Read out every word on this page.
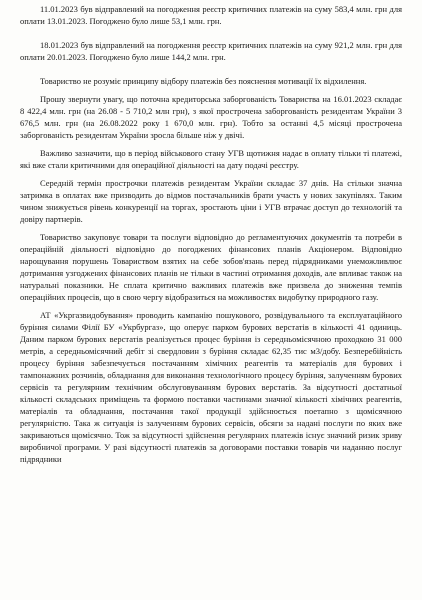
11.01.2023 був відправлений на погодження реєстр критичних платежів на суму 583,4 млн. грн для оплати 13.01.2023. Погоджено було лише 53,1 млн. грн.

18.01.2023 був відправлений на погодження реєстр критичних платежів на суму 921,2 млн. грн для оплати 20.01.2023. Погоджено було лише 144,2 млн. грн.

Товариство не розуміє принципу відбору платежів без пояснення мотивації їх відхилення.

Прошу звернути увагу, що поточна кредиторська заборгованість Товариства на 16.01.2023 складає 8 422,4 млн. грн (на 26.08 - 5 710,2 млн грн), з якої прострочена заборгованість резидентам України 3 676,5 млн. грн (на 26.08.2022 року 1 670,0 млн. грн). Тобто за останні 4,5 місяці прострочена заборгованість резидентам України зросла більше ніж у двічі.

Важливо зазначити, що в період військового стану УГВ щотижня надає в оплату тільки ті платежі, які вже стали критичними для операційної діяльності на дату подачі реєстру.

Середній термін прострочки платежів резидентам України складає 37 днів. На стільки значна затримка в оплатах вже призводить до відмов постачальників брати участь у нових закупівлях. Таким чином знижується рівень конкуренції на торгах, зростають ціни і УГВ втрачає доступ до технологій та довіру партнерів.

Товариство закуповує товари та послуги відповідно до регламентуючих документів та потреби в операційній діяльності відповідно до погоджених фінансових планів Акціонером. Відповідно нарощування порушень Товариством взятих на себе зобов'язань перед підрядниками унеможливлює дотримання узгоджених фінансових планів не тільки в частині отримання доходів, але впливає також на натуральні показники. Не сплата критично важливих платежів вже призвела до зниження темпів операційних процесів, що в свою чергу відобразиться на можливостях видобутку природного газу.

АТ «Укргазвидобування» проводить кампанію пошукового, розвідувального та експлуатаційного буріння силами Філії БУ «Укрбургаз», що оперує парком бурових верстатів в кількості 41 одиниць. Даним парком бурових верстатів реалізується процес буріння із середньомісячною проходкою 31 000 метрів, а середньомісячний дебіт зі свердловин з буріння складає 62,35 тис м3/добу. Безперебійність процесу буріння забезпечується постачанням хімічних реагентів та матеріалів для бурових і тампонажних розчинів, обладнання для виконання технологічного процесу буріння, залученням бурових сервісів та регулярним технічним обслуговуванням бурових верстатів. За відсутності достатньої кількості складських приміщень та формою поставки частинами значної кількості хімічних реагентів, матеріалів та обладнання, постачання такої продукції здійснюється поетапно з щомісячною регулярністю. Така ж ситуація із залученням бурових сервісів, обсяги за надані послуги по яких вже закриваються щомісячно. Тож за відсутності здійснення регулярних платежів існує значний ризик зриву виробничої програми. У разі відсутності платежів за договорами поставки товарів чи наданню послуг підрядники
